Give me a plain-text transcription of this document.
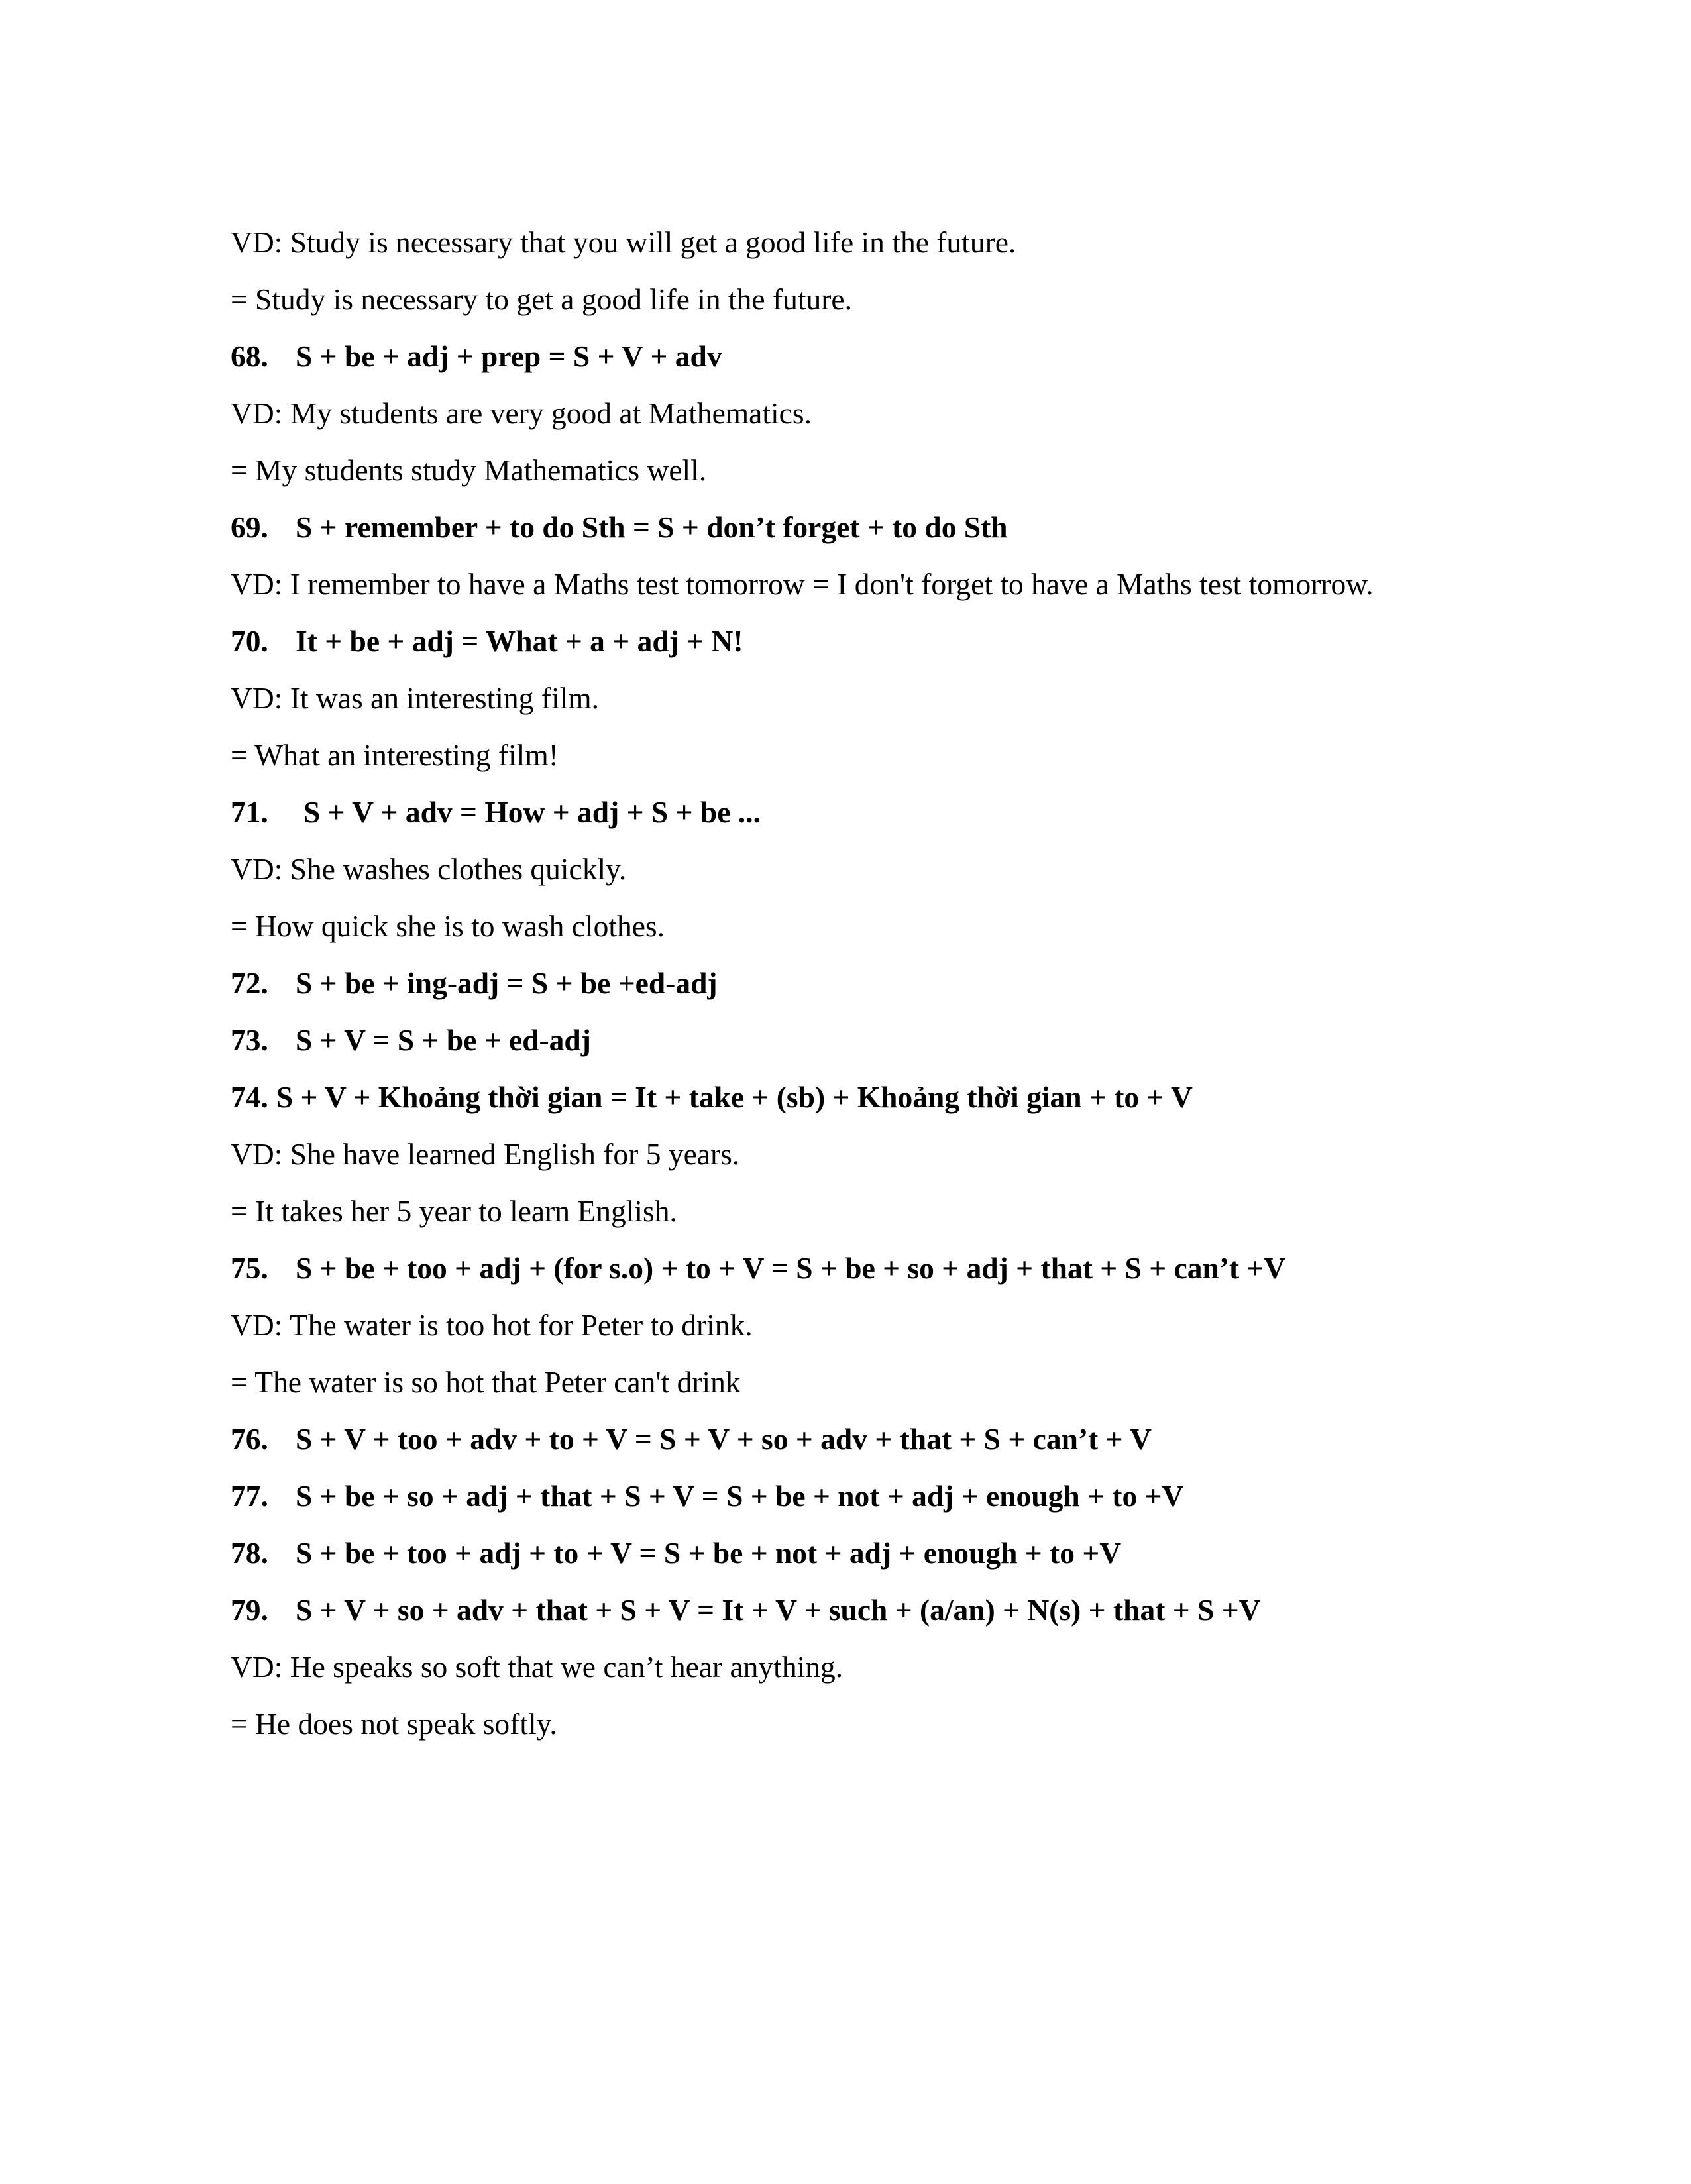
VD: Study is necessary that you will get a good life in the future.
= Study is necessary to get a good life in the future.
68. S + be + adj + prep = S + V + adv
VD: My students are very good at Mathematics.
= My students study Mathematics well.
69. S + remember + to do Sth = S + don’t forget + to do Sth
VD: I remember to have a Maths test tomorrow = I don't forget to have a Maths test tomorrow.
70. It + be + adj = What + a + adj + N!
VD: It was an interesting film.
= What an interesting film!
71. S + V + adv = How + adj + S + be ...
VD: She washes clothes quickly.
= How quick she is to wash clothes.
72. S + be + ing-adj = S + be +ed-adj
73. S + V = S + be + ed-adj
74. S + V + Khoảng thời gian = It + take + (sb) + Khoảng thời gian + to + V
VD: She have learned English for 5 years.
= It takes her 5 year to learn English.
75. S + be + too + adj + (for s.o) + to + V = S + be + so + adj + that + S + can’t +V
VD: The water is too hot for Peter to drink.
= The water is so hot that Peter can't drink
76. S + V + too + adv + to + V = S + V + so + adv + that + S + can’t + V
77. S + be + so + adj + that + S + V = S + be + not + adj + enough + to +V
78. S + be + too + adj + to + V = S + be + not + adj + enough + to +V
79. S + V + so + adv + that + S + V = It + V + such + (a/an) + N(s) + that + S +V
VD: He speaks so soft that we can’t hear anything.
= He does not speak softly.
